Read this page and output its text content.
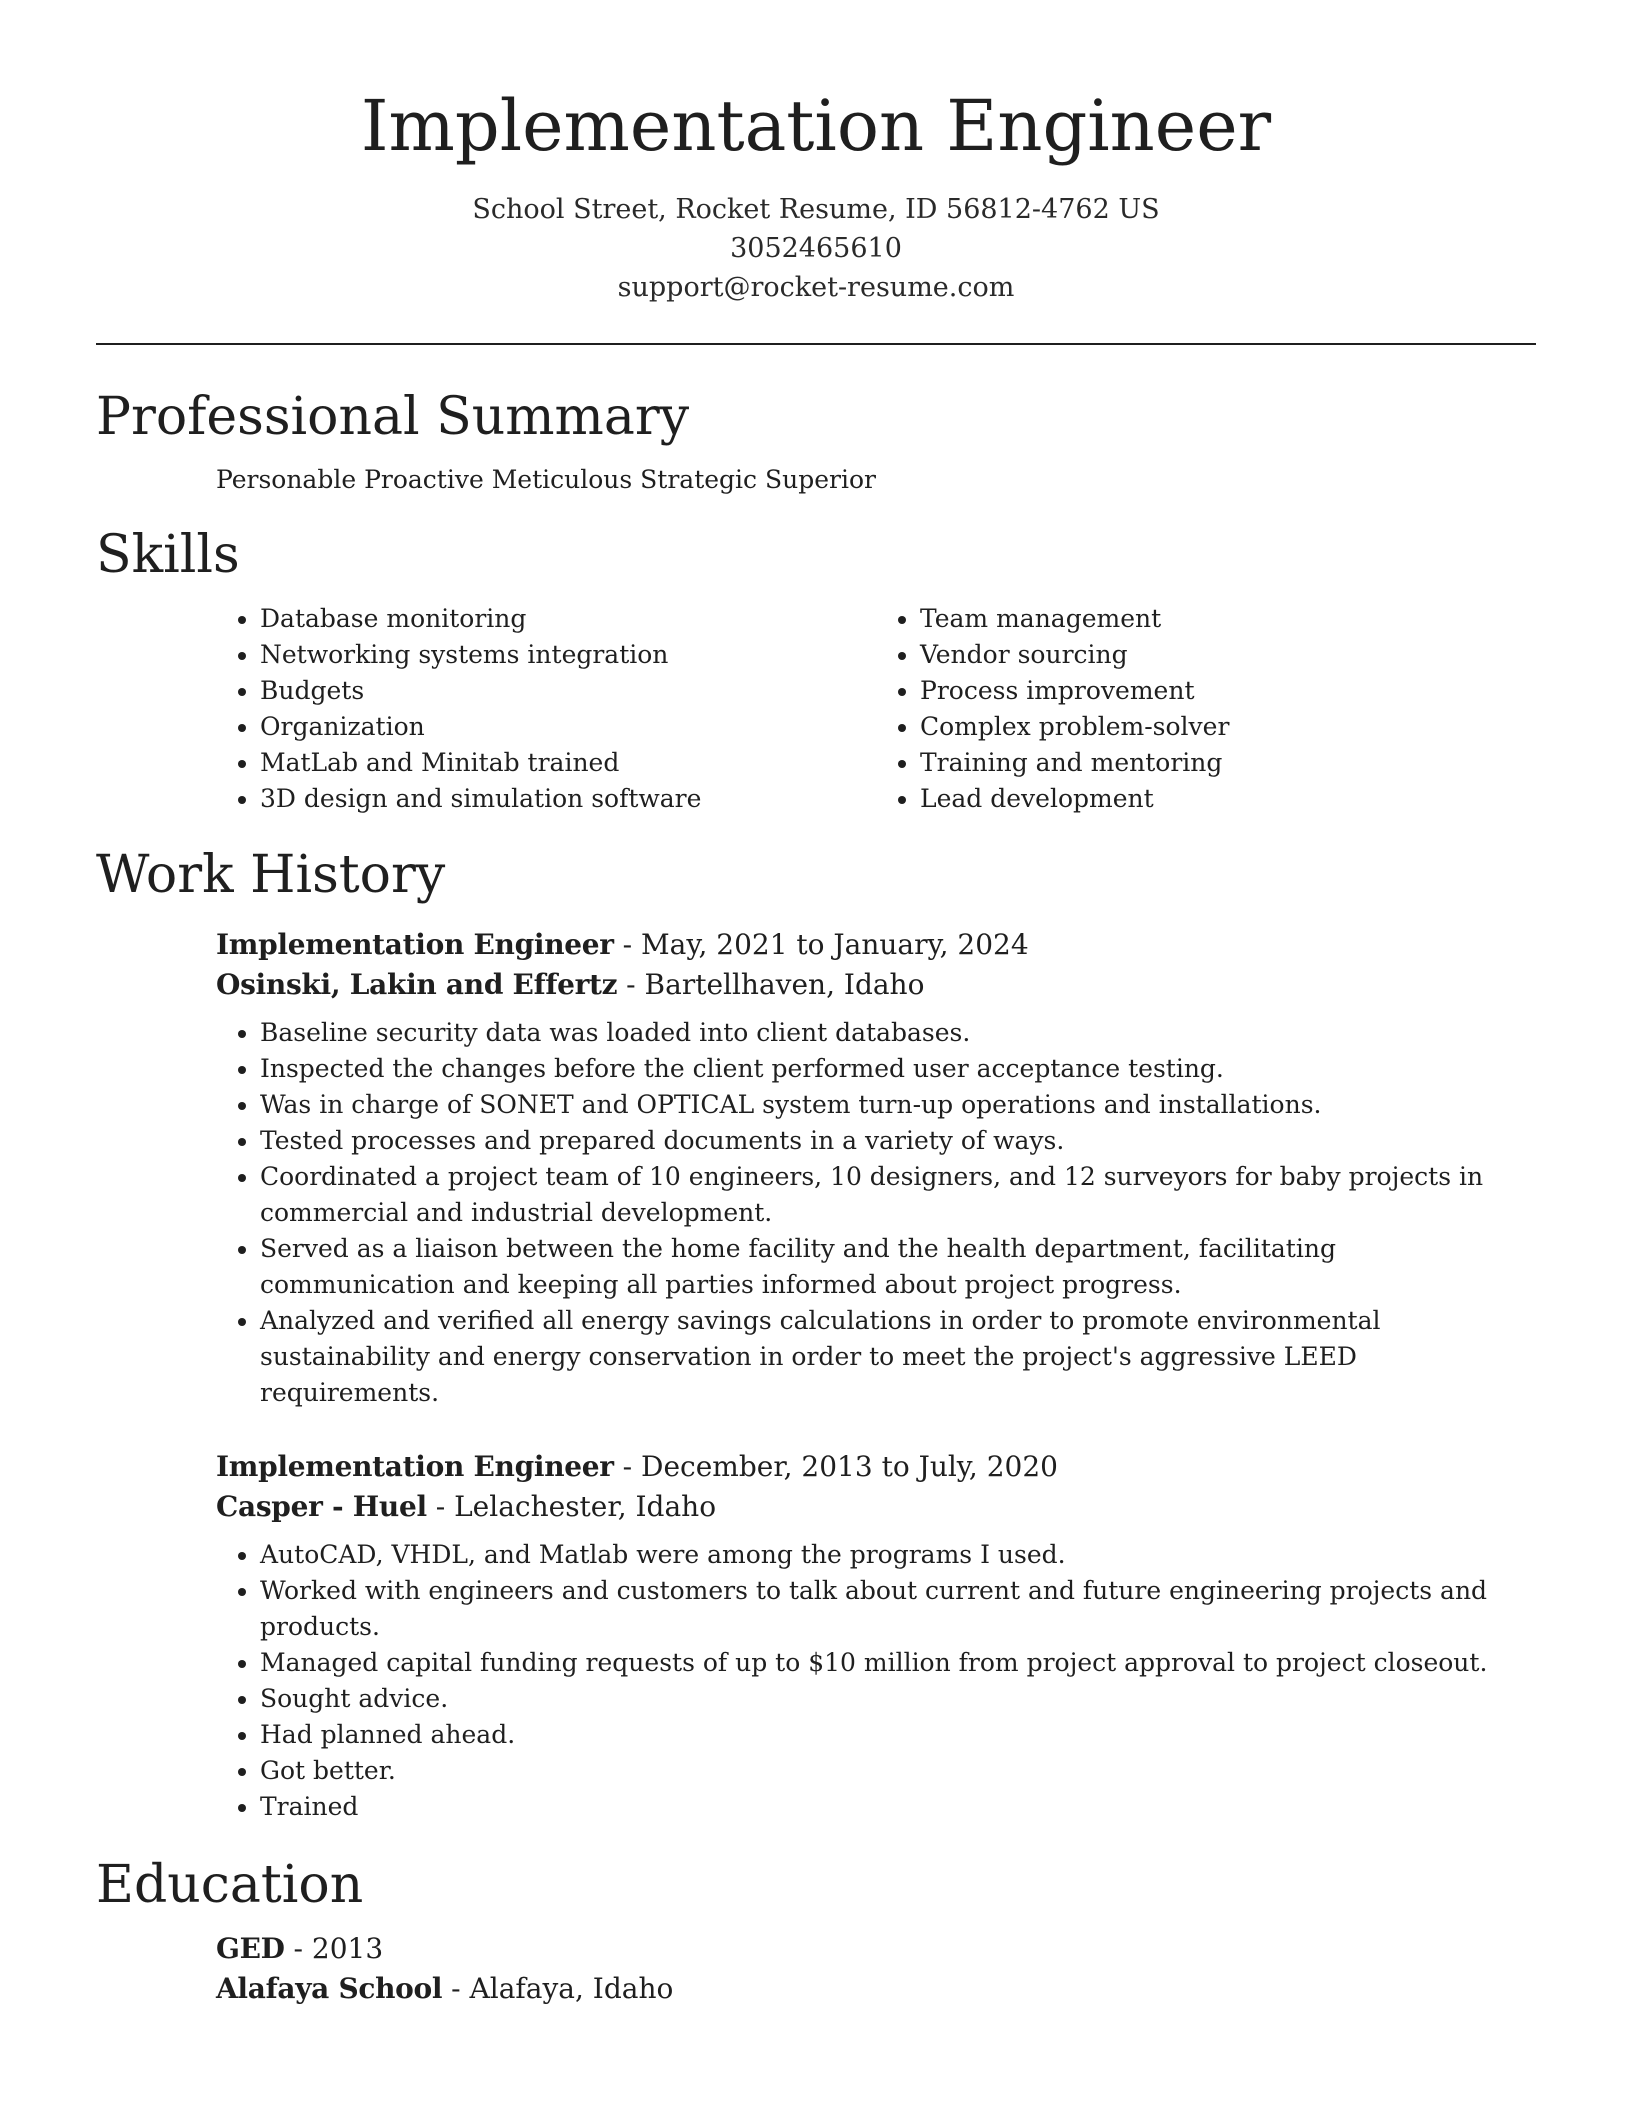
Implementation Engineer
School Street, Rocket Resume, ID 56812-4762 US
3052465610
support@rocket-resume.com
Professional Summary
Personable Proactive Meticulous Strategic Superior
Skills
• Database monitoring
• Networking systems integration
• Budgets
• Organization
• MatLab and Minitab trained
• 3D design and simulation software
• Team management
• Vendor sourcing
• Process improvement
• Complex problem-solver
• Training and mentoring
• Lead development
Work History
Implementation Engineer - May, 2021 to January, 2024
Osinski, Lakin and Effertz - Bartellhaven, Idaho
• Baseline security data was loaded into client databases.
• Inspected the changes before the client performed user acceptance testing.
• Was in charge of SONET and OPTICAL system turn-up operations and installations.
• Tested processes and prepared documents in a variety of ways.
• Coordinated a project team of 10 engineers, 10 designers, and 12 surveyors for baby projects in commercial and industrial development.
• Served as a liaison between the home facility and the health department, facilitating communication and keeping all parties informed about project progress.
• Analyzed and verified all energy savings calculations in order to promote environmental sustainability and energy conservation in order to meet the project's aggressive LEED requirements.
Implementation Engineer - December, 2013 to July, 2020
Casper - Huel - Lelachester, Idaho
• AutoCAD, VHDL, and Matlab were among the programs I used.
• Worked with engineers and customers to talk about current and future engineering projects and products.
• Managed capital funding requests of up to $10 million from project approval to project closeout.
• Sought advice.
• Had planned ahead.
• Got better.
• Trained
Education
GED - 2013
Alafaya School - Alafaya, Idaho
